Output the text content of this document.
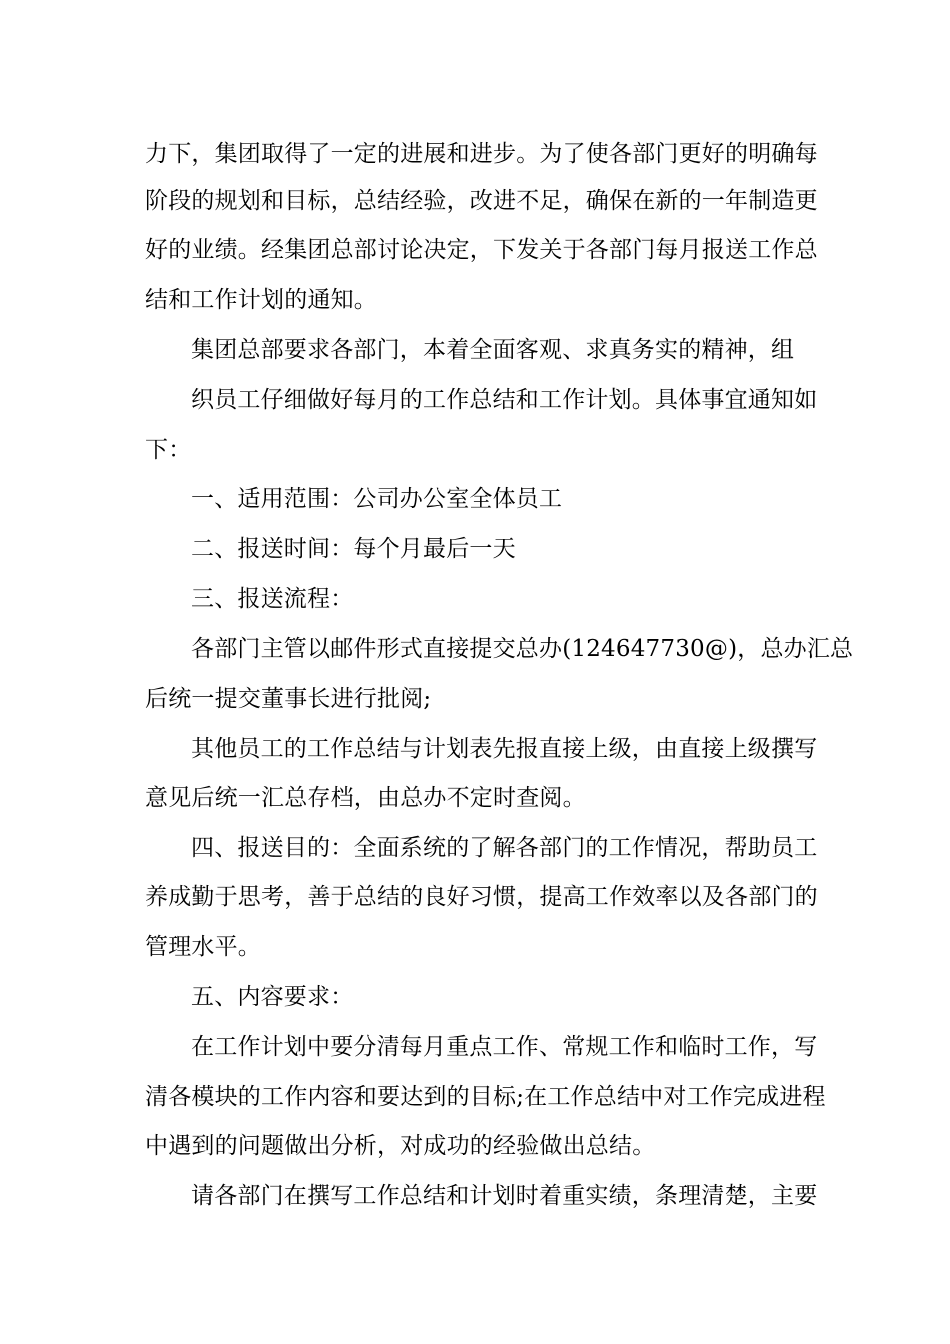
力下，集团取得了一定的进展和进步。为了使各部门更好的明确每
阶段的规划和目标，总结经验，改进不足，确保在新的一年制造更
好的业绩。经集团总部讨论决定，下发关于各部门每月报送工作总
结和工作计划的通知。
集团总部要求各部门，本着全面客观、求真务实的精神，组
织员工仔细做好每月的工作总结和工作计划。具体事宜通知如
下：
一、适用范围：公司办公室全体员工
二、报送时间：每个月最后一天
三、报送流程：
各部门主管以邮件形式直接提交总办(124647730@)，总办汇总
后统一提交董事长进行批阅;
其他员工的工作总结与计划表先报直接上级，由直接上级撰写
意见后统一汇总存档，由总办不定时查阅。
四、报送目的：全面系统的了解各部门的工作情况，帮助员工
养成勤于思考，善于总结的良好习惯，提高工作效率以及各部门的
管理水平。
五、内容要求：
在工作计划中要分清每月重点工作、常规工作和临时工作，写
清各模块的工作内容和要达到的目标;在工作总结中对工作完成进程
中遇到的问题做出分析，对成功的经验做出总结。
请各部门在撰写工作总结和计划时着重实绩，条理清楚，主要
